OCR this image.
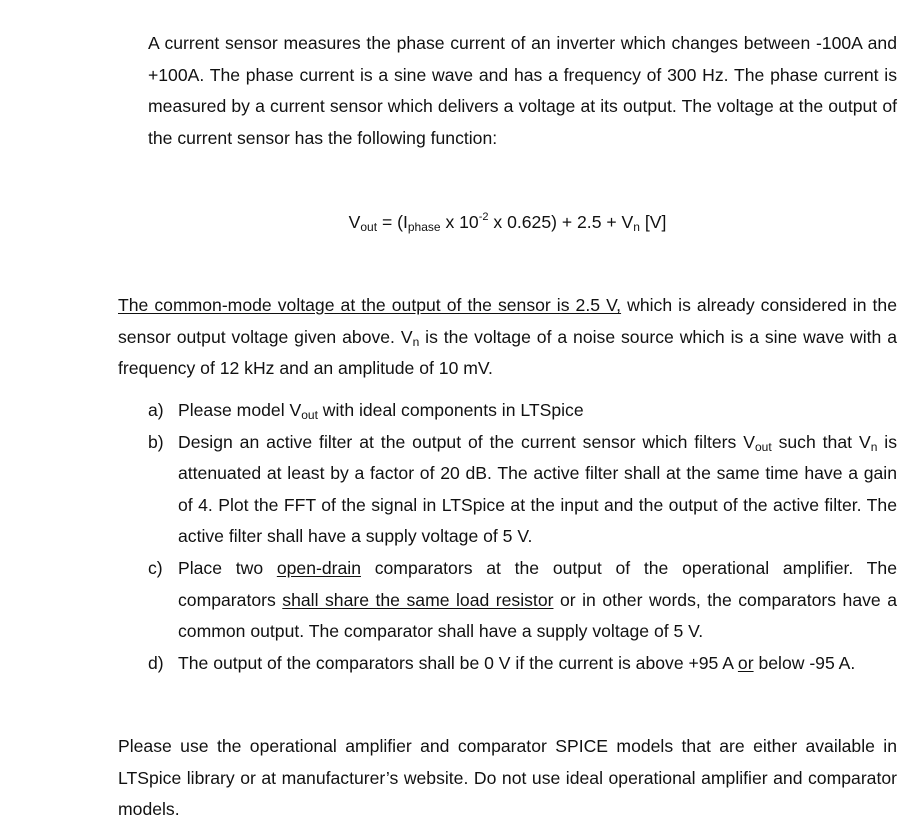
A current sensor measures the phase current of an inverter which changes between -100A and +100A. The phase current is a sine wave and has a frequency of 300 Hz. The phase current is measured by a current sensor which delivers a voltage at its output. The voltage at the output of the current sensor has the following function:

$V_{out} = (I_{phase}$ x $10^{-2}$ x $0.625) + 2.5 + V_n$ [V]

The common-mode voltage at the output of the sensor is 2.5 V, which is already considered in the sensor output voltage given above. $V_n$ is the voltage of a noise source which is a sine wave with a frequency of 12 kHz and an amplitude of 10 mV.

a) Please model $V_{out}$ with ideal components in LTSpice
b) Design an active filter at the output of the current sensor which filters $V_{out}$ such that $V_n$ is attenuated at least by a factor of 20 dB. The active filter shall at the same time have a gain of 4. Plot the FFT of the signal in LTSpice at the input and the output of the active filter. The active filter shall have a supply voltage of 5 V.
c) Place two open-drain comparators at the output of the operational amplifier. The comparators shall share the same load resistor or in other words, the comparators have a common output. The comparator shall have a supply voltage of 5 V.
d) The output of the comparators shall be 0 V if the current is above +95 A or below -95 A.

Please use the operational amplifier and comparator SPICE models that are either available in LTSpice library or at manufacturer’s website. Do not use ideal operational amplifier and comparator models.
